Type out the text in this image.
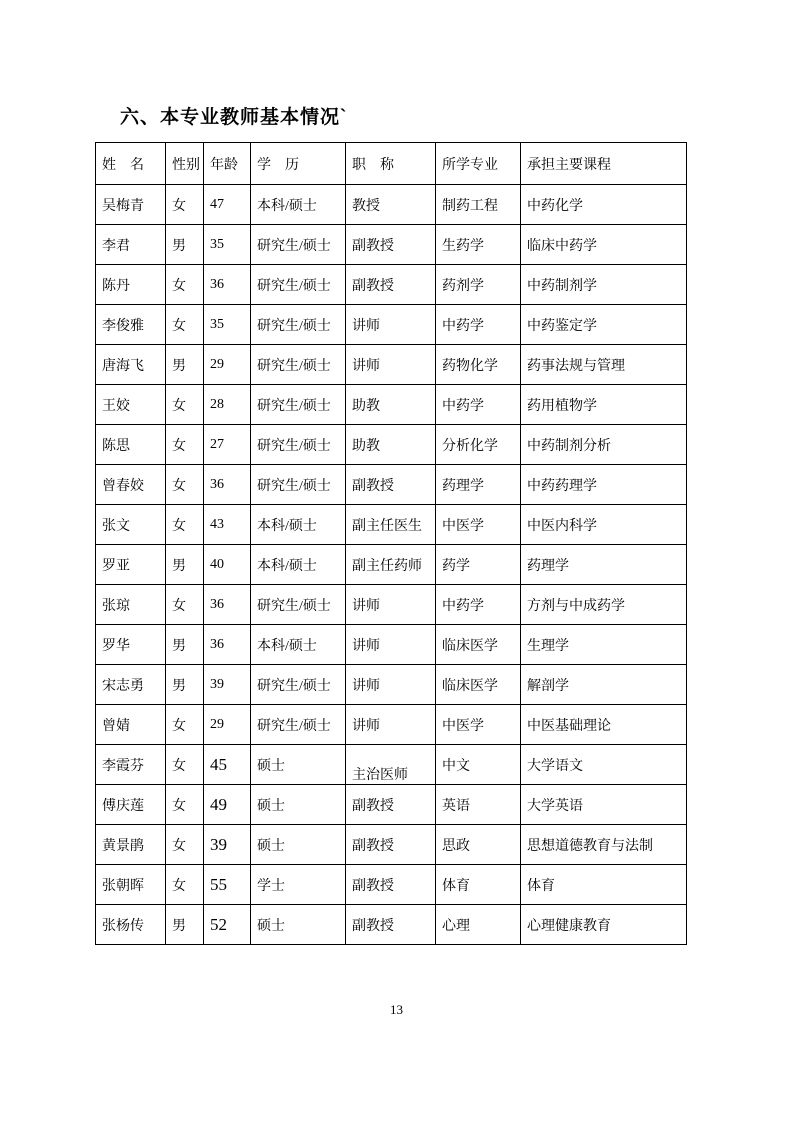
六、本专业教师基本情况`
姓　名	性别	年龄	学　历	职　称	所学专业	承担主要课程
吴梅青	女	47	本科/硕士	教授	制药工程	中药化学
李君	男	35	研究生/硕士	副教授	生药学	临床中药学
陈丹	女	36	研究生/硕士	副教授	药剂学	中药制剂学
李俊雅	女	35	研究生/硕士	讲师	中药学	中药鉴定学
唐海飞	男	29	研究生/硕士	讲师	药物化学	药事法规与管理
王姣	女	28	研究生/硕士	助教	中药学	药用植物学
陈思	女	27	研究生/硕士	助教	分析化学	中药制剂分析
曾春姣	女	36	研究生/硕士	副教授	药理学	中药药理学
张文	女	43	本科/硕士	副主任医生	中医学	中医内科学
罗亚	男	40	本科/硕士	副主任药师	药学	药理学
张琼	女	36	研究生/硕士	讲师	中药学	方剂与中成药学
罗华	男	36	本科/硕士	讲师	临床医学	生理学
宋志勇	男	39	研究生/硕士	讲师	临床医学	解剖学
曾婧	女	29	研究生/硕士	讲师	中医学	中医基础理论
李霞芬	女	45	硕士	主治医师	中文	大学语文
傅庆莲	女	49	硕士	副教授	英语	大学英语
黄景鹃	女	39	硕士	副教授	思政	思想道德教育与法制
张朝晖	女	55	学士	副教授	体育	体育
张杨传	男	52	硕士	副教授	心理	心理健康教育
13
